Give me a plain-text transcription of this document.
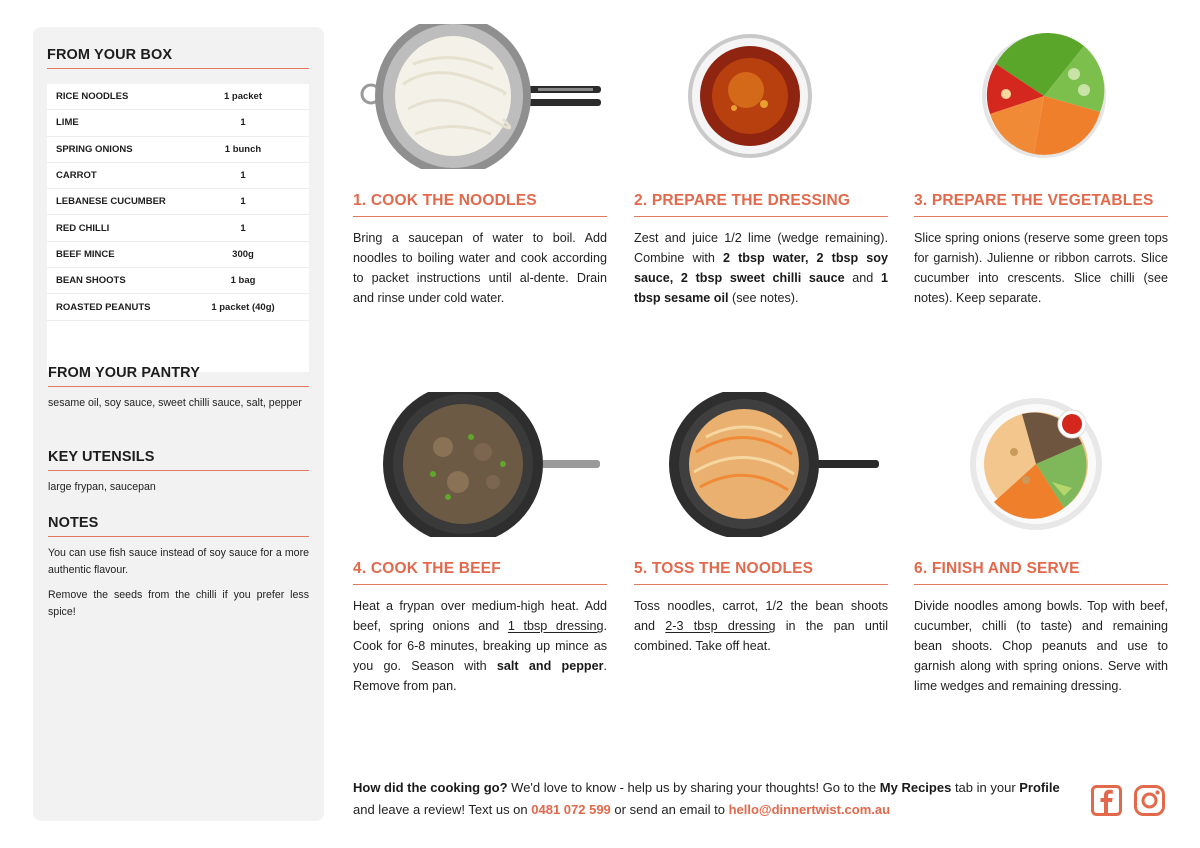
FROM YOUR BOX
RICE NOODLES	1 packet
LIME	1
SPRING ONIONS	1 bunch
CARROT	1
LEBANESE CUCUMBER	1
RED CHILLI	1
BEEF MINCE	300g
BEAN SHOOTS	1 bag
ROASTED PEANUTS	1 packet (40g)
FROM YOUR PANTRY
sesame oil, soy sauce, sweet chilli sauce, salt, pepper
KEY UTENSILS
large frypan, saucepan
NOTES
You can use fish sauce instead of soy sauce for a more authentic flavour.
Remove the seeds from the chilli if you prefer less spice!
1. COOK THE NOODLES
Bring a saucepan of water to boil. Add noodles to boiling water and cook according to packet instructions until al-dente. Drain and rinse under cold water.
2. PREPARE THE DRESSING
Zest and juice 1/2 lime (wedge remaining). Combine with 2 tbsp water, 2 tbsp soy sauce, 2 tbsp sweet chilli sauce and 1 tbsp sesame oil (see notes).
3. PREPARE THE VEGETABLES
Slice spring onions (reserve some green tops for garnish). Julienne or ribbon carrots. Slice cucumber into crescents. Slice chilli (see notes). Keep separate.
4. COOK THE BEEF
Heat a frypan over medium-high heat. Add beef, spring onions and 1 tbsp dressing. Cook for 6-8 minutes, breaking up mince as you go. Season with salt and pepper. Remove from pan.
5. TOSS THE NOODLES
Toss noodles, carrot, 1/2 the bean shoots and 2-3 tbsp dressing in the pan until combined. Take off heat.
6. FINISH AND SERVE
Divide noodles among bowls. Top with beef, cucumber, chilli (to taste) and remaining bean shoots. Chop peanuts and use to garnish along with spring onions. Serve with lime wedges and remaining dressing.
How did the cooking go? We'd love to know - help us by sharing your thoughts! Go to the My Recipes tab in your Profile and leave a review! Text us on 0481 072 599 or send an email to hello@dinnertwist.com.au
